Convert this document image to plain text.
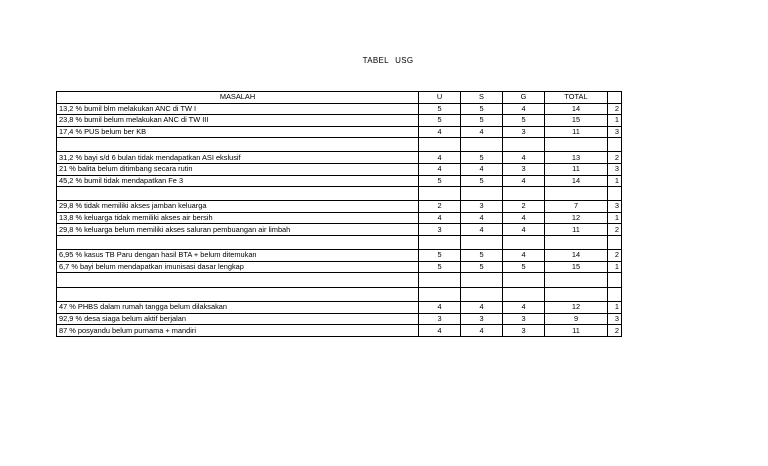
TABEL USG
MASALAH	U	S	G	TOTAL	
13,2 % bumil blm melakukan ANC di TW I	5	5	4	14	2
23,8 % bumil belum melakukan ANC di TW III	5	5	5	15	1
17,4 % PUS belum ber KB	4	4	3	11	3

31,2 % bayi s/d 6 bulan tidak mendapatkan ASI ekslusif	4	5	4	13	2
21 % balita belum ditimbang secara rutin	4	4	3	11	3
45,2 % bumil tidak mendapatkan Fe 3	5	5	4	14	1

29,8 % tidak memiliki akses jamban keluarga	2	3	2	7	3
13,8 % keluarga tidak memiliki akses air bersih	4	4	4	12	1
29,8 % keluarga belum memiliki akses saluran pembuangan air limbah	3	4	4	11	2

6,95 % kasus TB Paru dengan hasil BTA + belum ditemukan	5	5	4	14	2
6,7 % bayi belum mendapatkan imunisasi dasar lengkap	5	5	5	15	1

47 % PHBS dalam rumah tangga belum dilaksakan	4	4	4	12	1
92,9 % desa siaga belum aktif berjalan	3	3	3	9	3
87 % posyandu belum purnama + mandiri	4	4	3	11	2
